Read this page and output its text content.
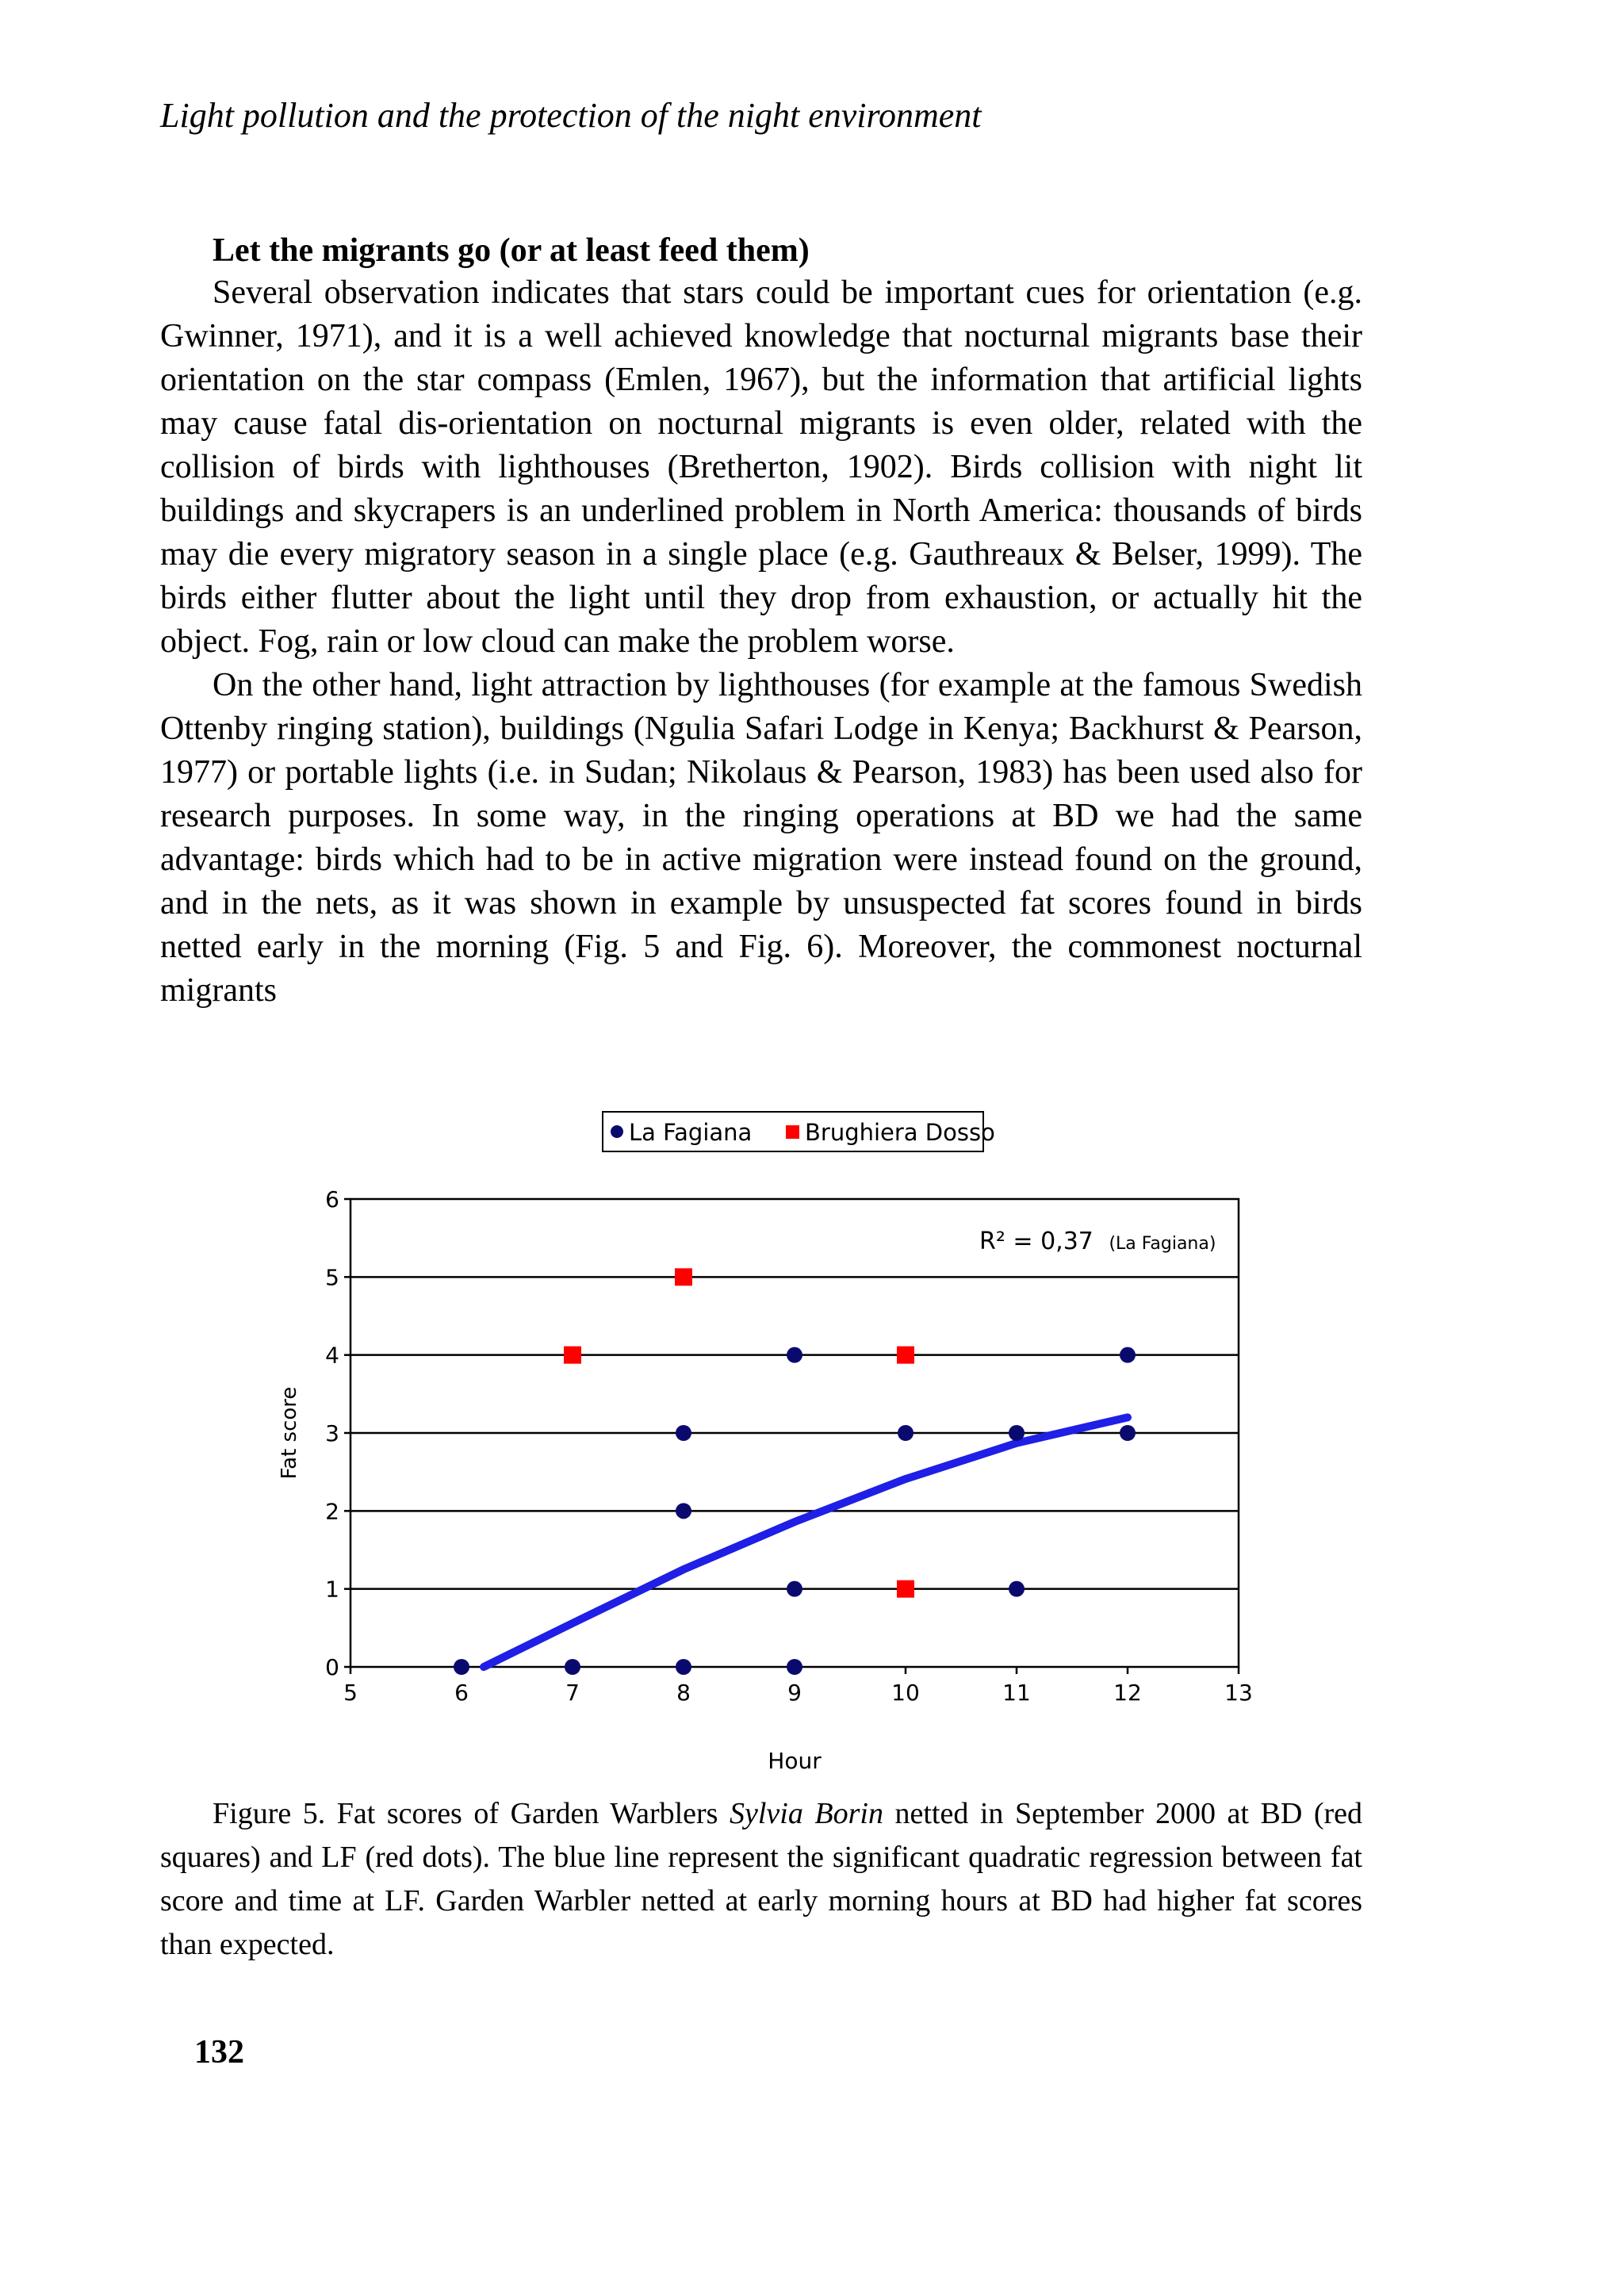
Light pollution and the protection of the night environment
Let the migrants go (or at least feed them)

Several observation indicates that stars could be important cues for orientation (e.g. Gwinner, 1971), and it is a well achieved knowledge that nocturnal migrants base their orientation on the star compass (Emlen, 1967), but the information that artificial lights may cause fatal dis-orientation on nocturnal migrants is even older, related with the collision of birds with lighthouses (Bretherton, 1902). Birds collision with night lit buildings and skycrapers is an underlined problem in North America: thousands of birds may die every migratory season in a single place (e.g. Gauthreaux & Belser, 1999). The birds either flutter about the light until they drop from exhaustion, or actually hit the object. Fog, rain or low cloud can make the problem worse.

On the other hand, light attraction by lighthouses (for example at the famous Swedish Ottenby ringing station), buildings (Ngulia Safari Lodge in Kenya; Backhurst & Pearson, 1977) or portable lights (i.e. in Sudan; Nikolaus & Pearson, 1983) has been used also for research purposes. In some way, in the ringing operations at BD we had the same advantage: birds which had to be in active migration were instead found on the ground, and in the nets, as it was shown in example by unsuspected fat scores found in birds netted early in the morning (Fig. 5 and Fig. 6). Moreover, the commonest nocturnal migrants

La Fagiana Brughiera Dosso
0
1
2
3
4
5
6
5	6	7	8	9	10	11	12	13
R² = 0,37 (La Fagiana)
Hour
Fat score
Figure 5. Fat scores of Garden Warblers Sylvia Borin netted in September 2000 at BD (red squares) and LF (red dots). The blue line represent the significant quadratic regression between fat score and time at LF. Garden Warbler netted at early morning hours at BD had higher fat scores than expected.
132
